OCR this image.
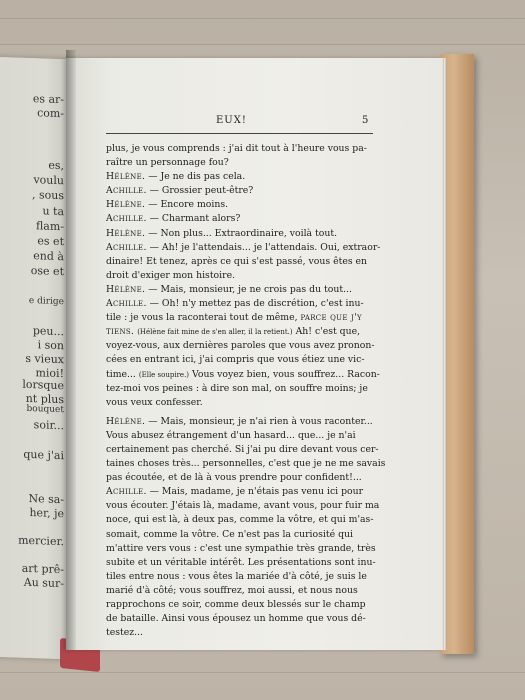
es ar-
com-
es,
voulu
, sous
u ta
flam-
es et
end à
ose et
e dirige
peu...
i son
s vieux
mioi!
lorsque
nt plus
bouquet
soir...
que j'ai
Ne sa-
her, je
mercier.
art prê-
Au sur-
EUX!	5

plus, je vous comprends : j'ai dit tout à l'heure vous pa-

raître un personnage fou?

Hélène. — Je ne dis pas cela.

Achille. — Grossier peut-être?

Hélène. — Encore moins.

Achille. — Charmant alors?

Hélène. — Non plus... Extraordinaire, voilà tout.

Achille. — Ah! je l'attendais... je l'attendais. Oui, extraor-

dinaire! Et tenez, après ce qui s'est passé, vous êtes en

droit d'exiger mon histoire.

Hélène. — Mais, monsieur, je ne crois pas du tout...

Achille. — Oh! n'y mettez pas de discrétion, c'est inu-

tile : je vous la raconterai tout de même, parce que j'y

tiens. (Hélène fait mine de s'en aller, il la retient.) Ah! c'est que,

voyez-vous, aux dernières paroles que vous avez pronon-

cées en entrant ici, j'ai compris que vous étiez une vic-

time... (Elle soupire.) Vous voyez bien, vous souffrez... Racon-

tez-moi vos peines : à dire son mal, on souffre moins; je

vous veux confesser.

Hélène. — Mais, monsieur, je n'ai rien à vous raconter...

Vous abusez étrangement d'un hasard... que... je n'ai

certainement pas cherché. Si j'ai pu dire devant vous cer-

taines choses très... personnelles, c'est que je ne me savais

pas écoutée, et de là à vous prendre pour confident!...

Achille. — Mais, madame, je n'étais pas venu ici pour

vous écouter. J'étais là, madame, avant vous, pour fuir ma

noce, qui est là, à deux pas, comme la vôtre, et qui m'as-

somait, comme la vôtre. Ce n'est pas la curiosité qui

m'attire vers vous : c'est une sympathie très grande, très

subite et un véritable intérêt. Les présentations sont inu-

tiles entre nous : vous êtes la mariée d'à côté, je suis le

marié d'à côté; vous souffrez, moi aussi, et nous nous

rapprochons ce soir, comme deux blessés sur le champ

de bataille. Ainsi vous épousez un homme que vous dé-

testez...
